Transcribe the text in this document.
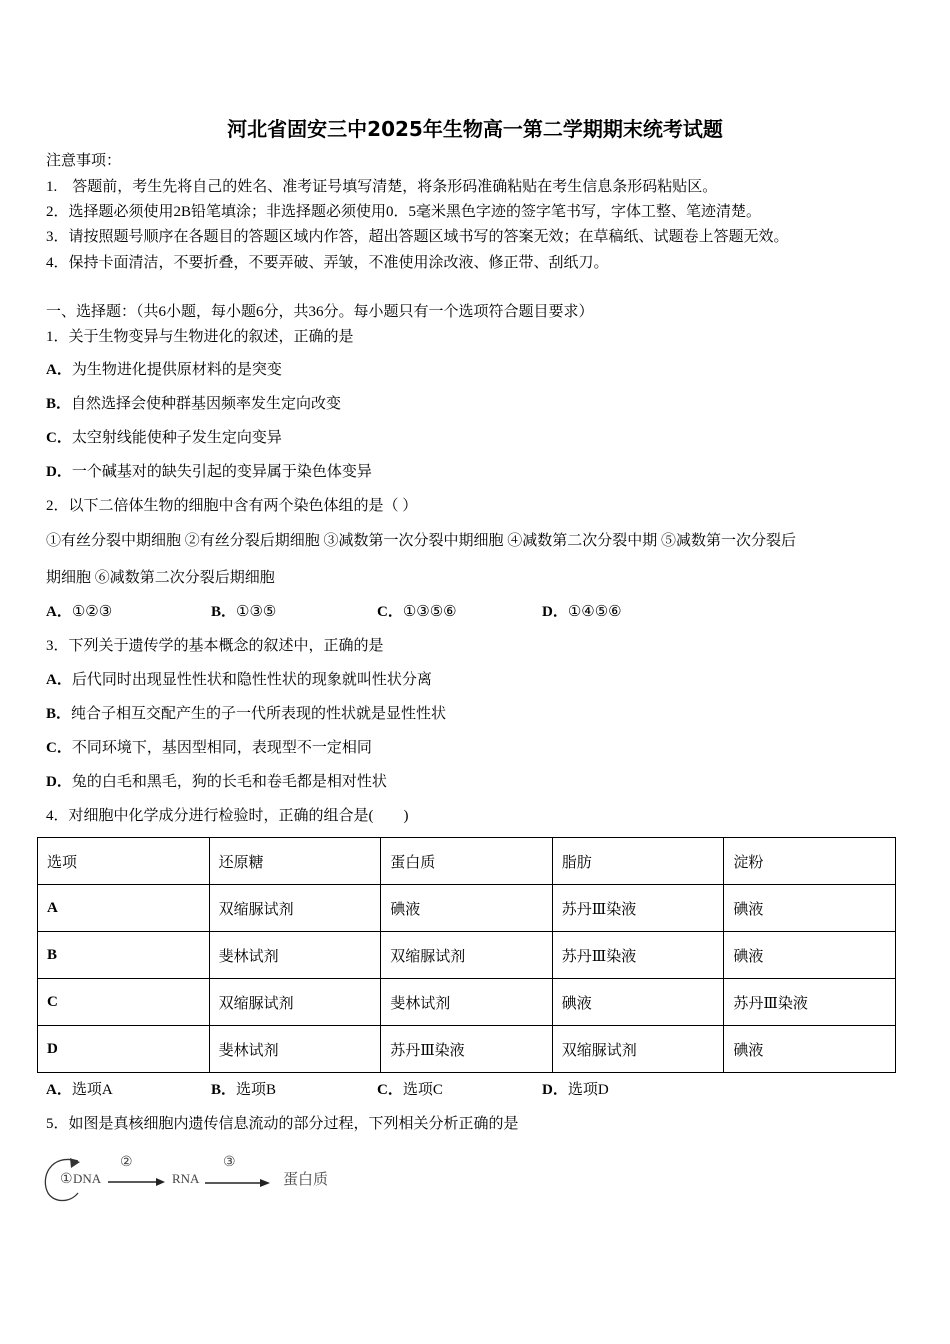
河北省固安三中2025年生物高一第二学期期末统考试题
注意事项：
1.　答题前，考生先将自己的姓名、准考证号填写清楚，将条形码准确粘贴在考生信息条形码粘贴区。
2．选择题必须使用2B铅笔填涂；非选择题必须使用0．5毫米黑色字迹的签字笔书写，字体工整、笔迹清楚。
3．请按照题号顺序在各题目的答题区域内作答，超出答题区域书写的答案无效；在草稿纸、试题卷上答题无效。
4．保持卡面清洁，不要折叠，不要弄破、弄皱，不准使用涂改液、修正带、刮纸刀。
一、选择题：（共6小题，每小题6分，共36分。每小题只有一个选项符合题目要求）
1．关于生物变异与生物进化的叙述，正确的是
A．为生物进化提供原材料的是突变
B．自然选择会使种群基因频率发生定向改变
C．太空射线能使种子发生定向变异
D．一个碱基对的缺失引起的变异属于染色体变异
2．以下二倍体生物的细胞中含有两个染色体组的是（ ）
①有丝分裂中期细胞 ②有丝分裂后期细胞 ③减数第一次分裂中期细胞 ④减数第二次分裂中期 ⑤减数第一次分裂后
期细胞 ⑥减数第二次分裂后期细胞
A．①②③	B．①③⑤	C．①③⑤⑥	D．①④⑤⑥
3．下列关于遗传学的基本概念的叙述中，正确的是
A．后代同时出现显性性状和隐性性状的现象就叫性状分离
B．纯合子相互交配产生的子一代所表现的性状就是显性性状
C．不同环境下，基因型相同，表现型不一定相同
D．兔的白毛和黑毛，狗的长毛和卷毛都是相对性状
4．对细胞中化学成分进行检验时，正确的组合是(　　)
选项	还原糖	蛋白质	脂肪	淀粉
A	双缩脲试剂	碘液	苏丹Ⅲ染液	碘液
B	斐林试剂	双缩脲试剂	苏丹Ⅲ染液	碘液
C	双缩脲试剂	斐林试剂	碘液	苏丹Ⅲ染液
D	斐林试剂	苏丹Ⅲ染液	双缩脲试剂	碘液
A．选项A	B．选项B	C．选项C	D．选项D
5．如图是真核细胞内遗传信息流动的部分过程，下列相关分析正确的是
① DNA
②
RNA
③
蛋白质
